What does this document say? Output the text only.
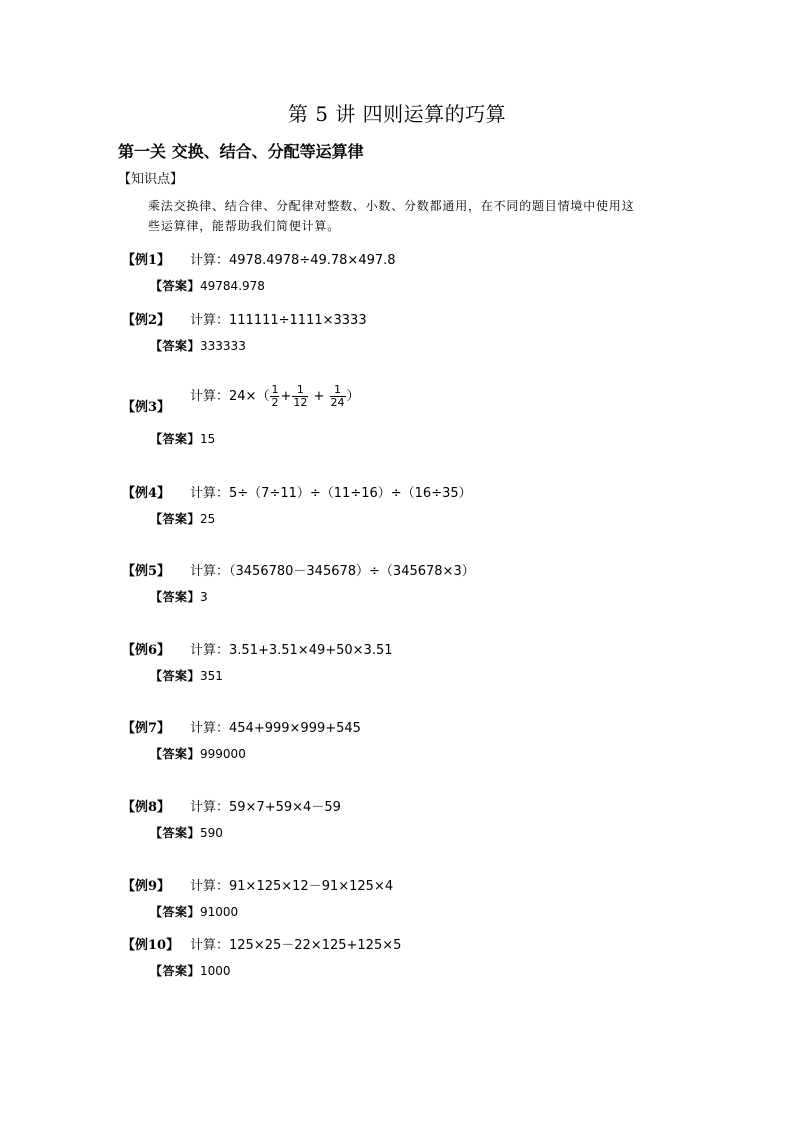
第 5 讲 四则运算的巧算
第一关 交换、结合、分配等运算律
【知识点】
乘法交换律、结合律、分配律对整数、小数、分数都通用，在不同的题目情境中使用这
些运算律，能帮助我们简便计算。
【例1】 计算：4978.4978÷49.78×497.8
【答案】49784.978
【例2】 计算：111111÷1111×3333
【答案】333333
【例3】
计算：$24\times( \frac{1}{2} + \frac{1}{12} + \frac{1}{24}$ ）
【答案】15
【例4】 计算：5÷（7÷11）÷（11÷16）÷（16÷35）
【答案】25
【例5】 计算：（3456780－345678）÷（345678×3）
【答案】3
【例6】 计算：3.51+3.51×49+50×3.51
【答案】351
【例7】 计算：454+999×999+545
【答案】999000
【例8】 计算：59×7+59×4－59
【答案】590
【例9】 计算：91×125×12－91×125×4
【答案】91000
【例10】 计算：125×25－22×125+125×5
【答案】1000
